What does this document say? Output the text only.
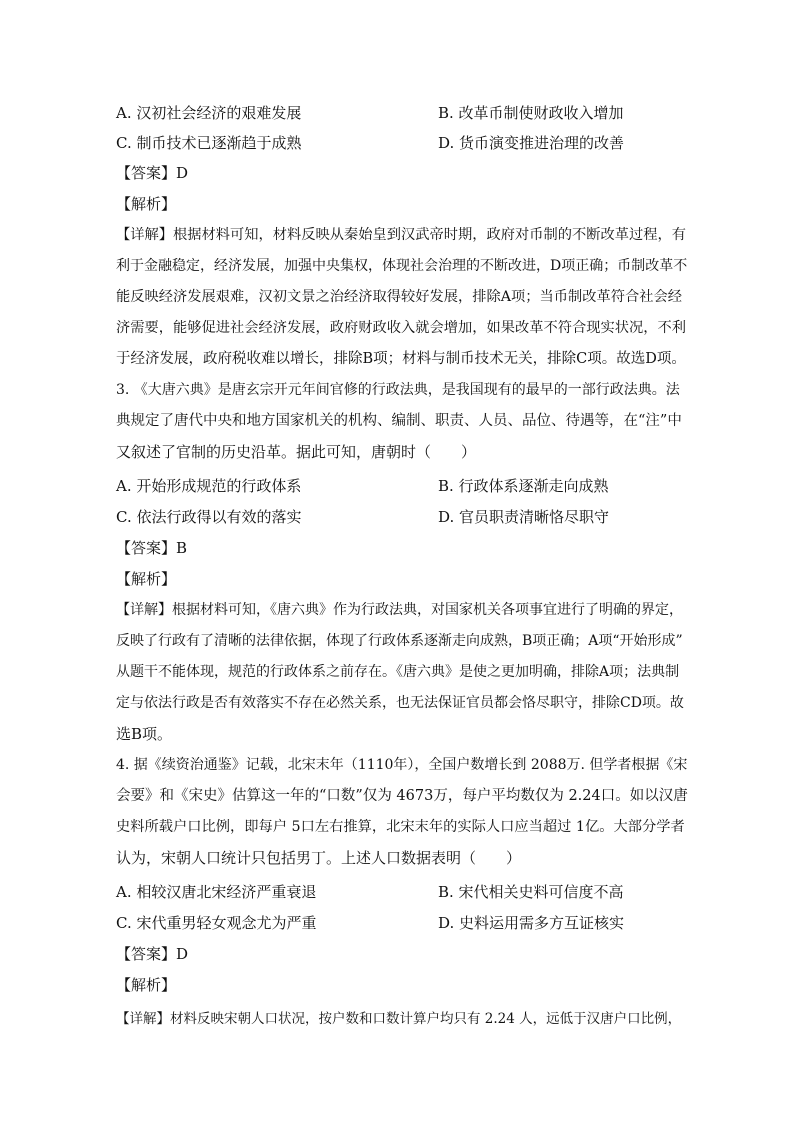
A. 汉初社会经济的艰难发展	B. 改革币制使财政收入增加
C. 制币技术已逐渐趋于成熟	D. 货币演变推进治理的改善
【答案】D
【解析】
【详解】根据材料可知，材料反映从秦始皇到汉武帝时期，政府对币制的不断改革过程，有
利于金融稳定，经济发展，加强中央集权，体现社会治理的不断改进，D项正确；币制改革不
能反映经济发展艰难，汉初文景之治经济取得较好发展，排除A项；当币制改革符合社会经
济需要，能够促进社会经济发展，政府财政收入就会增加，如果改革不符合现实状况，不利
于经济发展，政府税收难以增长，排除B项；材料与制币技术无关，排除C项。故选D项。
3. 《大唐六典》是唐玄宗开元年间官修的行政法典，是我国现有的最早的一部行政法典。法
典规定了唐代中央和地方国家机关的机构、编制、职责、人员、品位、待遇等，在“注”中
又叙述了官制的历史沿革。据此可知，唐朝时（　　）
A. 开始形成规范的行政体系	B. 行政体系逐渐走向成熟
C. 依法行政得以有效的落实	D. 官员职责清晰恪尽职守
【答案】B
【解析】
【详解】根据材料可知，《唐六典》作为行政法典，对国家机关各项事宜进行了明确的界定，
反映了行政有了清晰的法律依据，体现了行政体系逐渐走向成熟，B项正确；A项“开始形成”
从题干不能体现，规范的行政体系之前存在。《唐六典》是使之更加明确，排除A项；法典制
定与依法行政是否有效落实不存在必然关系，也无法保证官员都会恪尽职守，排除CD项。故
选B项。
4. 据《续资治通鉴》记载，北宋末年（1110年），全国户数增长到 2088万. 但学者根据《宋
会要》和《宋史》估算这一年的“口数”仅为 4673万，每户平均数仅为 2.24口。如以汉唐
史料所载户口比例，即每户 5口左右推算，北宋末年的实际人口应当超过 1亿。大部分学者
认为，宋朝人口统计只包括男丁。上述人口数据表明（　　）
A. 相较汉唐北宋经济严重衰退	B. 宋代相关史料可信度不高
C. 宋代重男轻女观念尤为严重	D. 史料运用需多方互证核实
【答案】D
【解析】
【详解】材料反映宋朝人口状况，按户数和口数计算户均只有 2.24 人，远低于汉唐户口比例，
